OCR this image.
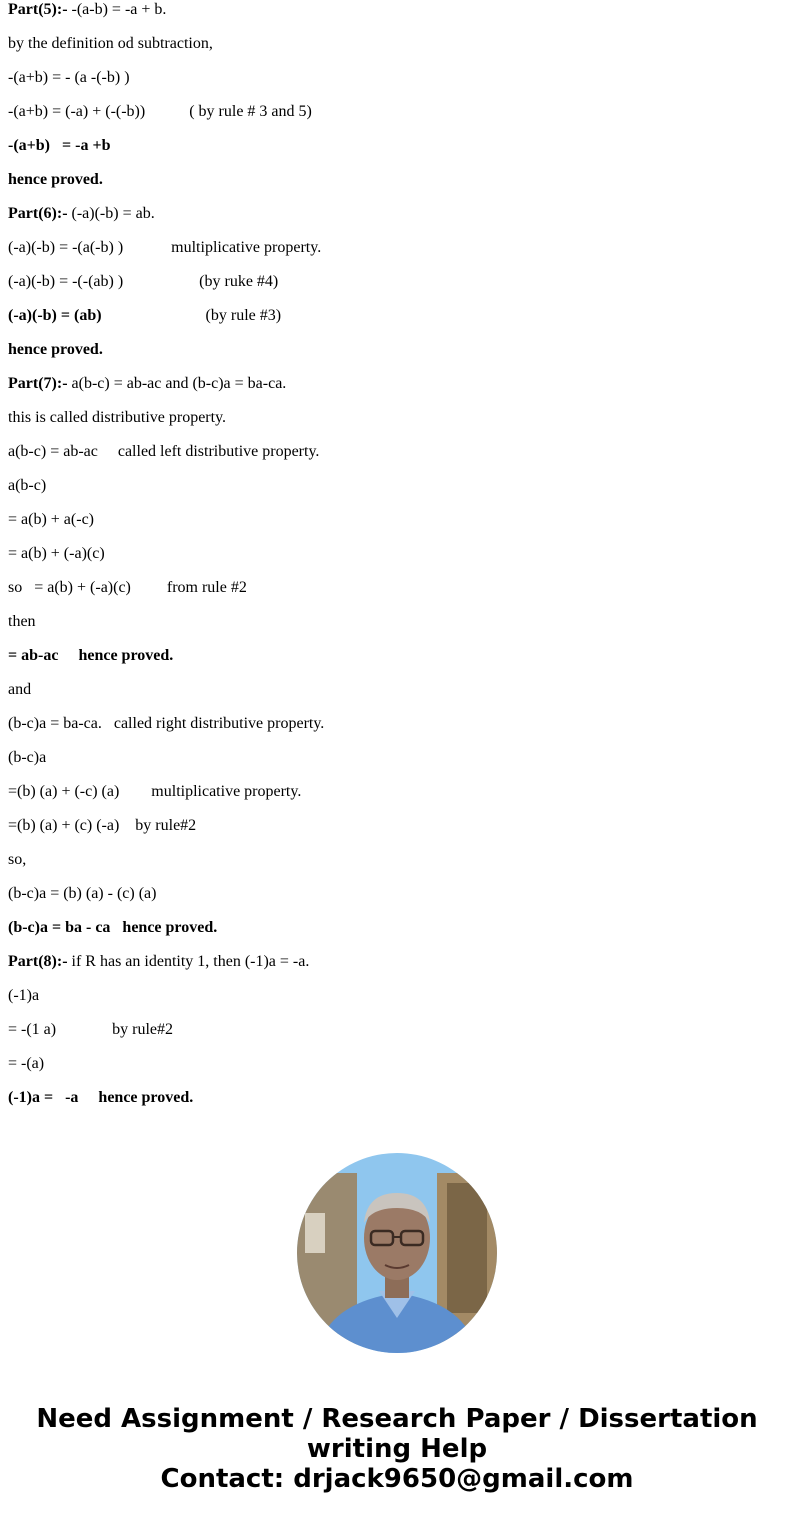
Part(5):- -(a-b) = -a + b.
by the definition od subtraction,
-(a+b) = - (a -(-b) )
-(a+b) = (-a) + (-(-b))           ( by rule # 3 and 5)
-(a+b)   = -a +b
hence proved.
Part(6):- (-a)(-b) = ab.
(-a)(-b) = -(a(-b) )            multiplicative property.
(-a)(-b) = -(-(ab) )                   (by ruke #4)
(-a)(-b) = (ab)                          (by rule #3)
hence proved.
Part(7):- a(b-c) = ab-ac and (b-c)a = ba-ca.
this is called distributive property.
a(b-c) = ab-ac     called left distributive property.
a(b-c)
= a(b) + a(-c)
= a(b) + (-a)(c)
so   = a(b) + (-a)(c)         from rule #2
then
= ab-ac     hence proved.
and
(b-c)a = ba-ca.   called right distributive property.
(b-c)a
=(b) (a) + (-c) (a)        multiplicative property.
=(b) (a) + (c) (-a)    by rule#2
so,
(b-c)a = (b) (a) - (c) (a)
(b-c)a = ba - ca   hence proved.
Part(8):- if R has an identity 1, then (-1)a = -a.
(-1)a
= -(1 a)              by rule#2
= -(a)
(-1)a =   -a     hence proved.
Need Assignment / Research Paper / Dissertation
writing Help
Contact: drjack9650@gmail.com
